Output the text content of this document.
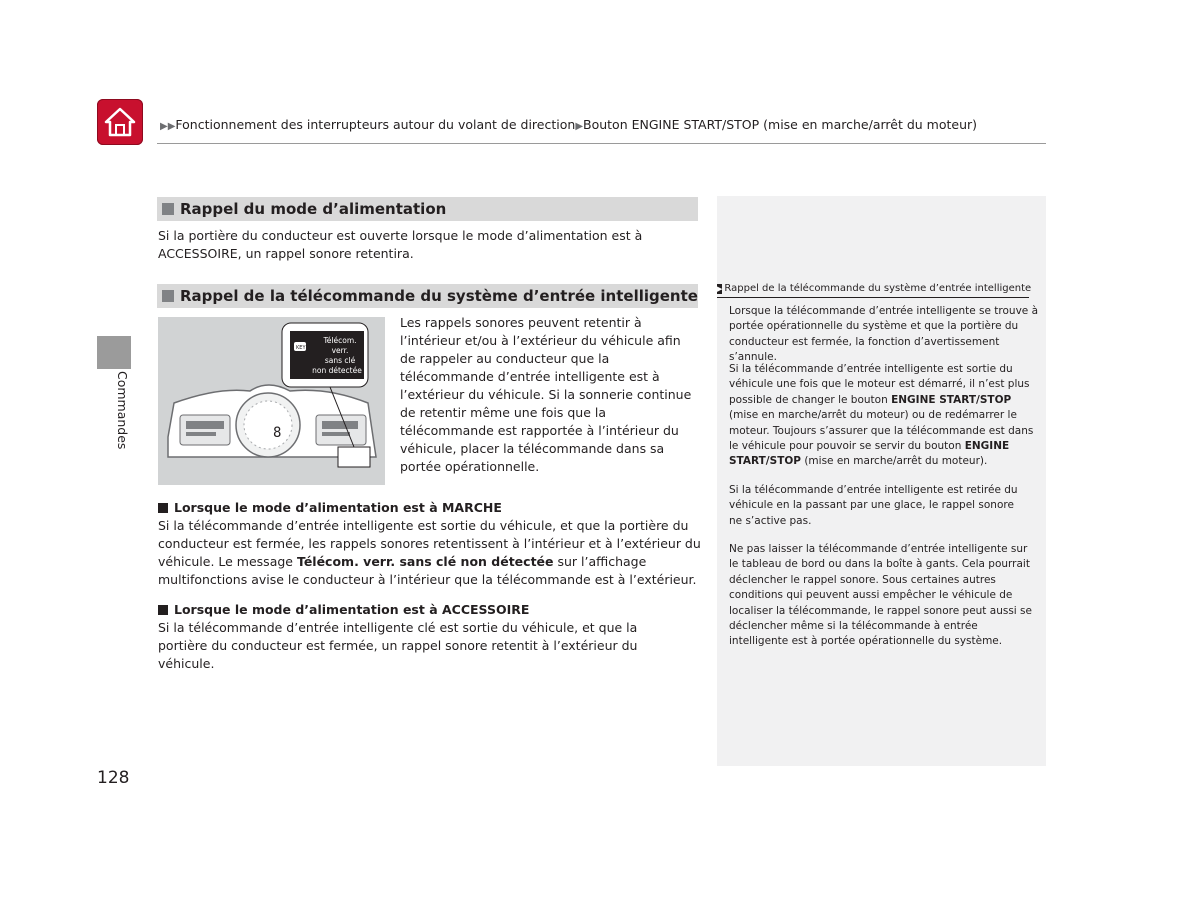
▶▶Fonctionnement des interrupteurs autour du volant de direction▶Bouton ENGINE START/STOP (mise en marche/arrêt du moteur)
Commandes
Rappel du mode d’alimentation
Si la portière du conducteur est ouverte lorsque le mode d’alimentation est à ACCESSOIRE, un rappel sonore retentira.
Rappel de la télécommande du système d’entrée intelligente
8
KEY
Télécom.
verr.
sans clé
non détectée
Les rappels sonores peuvent retentir à l’intérieur et/ou à l’extérieur du véhicule afin de rappeler au conducteur que la télécommande d’entrée intelligente est à l’extérieur du véhicule. Si la sonnerie continue de retentir même une fois que la télécommande est rapportée à l’intérieur du véhicule, placer la télécommande dans sa portée opérationnelle.
Lorsque le mode d’alimentation est à MARCHE
Si la télécommande d’entrée intelligente est sortie du véhicule, et que la portière du conducteur est fermée, les rappels sonores retentissent à l’intérieur et à l’extérieur du véhicule. Le message Télécom. verr. sans clé non détectée sur l’affichage multifonctions avise le conducteur à l’intérieur que la télécommande est à l’extérieur.
Lorsque le mode d’alimentation est à ACCESSOIRE
Si la télécommande d’entrée intelligente clé est sortie du véhicule, et que la portière du conducteur est fermée, un rappel sonore retentit à l’extérieur du véhicule.
▶ Rappel de la télécommande du système d’entrée intelligente
Lorsque la télécommande d’entrée intelligente se trouve à portée opérationnelle du système et que la portière du conducteur est fermée, la fonction d’avertissement s’annule.
Si la télécommande d’entrée intelligente est sortie du véhicule une fois que le moteur est démarré, il n’est plus possible de changer le bouton ENGINE START/STOP (mise en marche/arrêt du moteur) ou de redémarrer le moteur. Toujours s’assurer que la télécommande est dans le véhicule pour pouvoir se servir du bouton ENGINE START/STOP (mise en marche/arrêt du moteur).
Si la télécommande d’entrée intelligente est retirée du véhicule en la passant par une glace, le rappel sonore ne s’active pas.
Ne pas laisser la télécommande d’entrée intelligente sur le tableau de bord ou dans la boîte à gants. Cela pourrait déclencher le rappel sonore. Sous certaines autres conditions qui peuvent aussi empêcher le véhicule de localiser la télécommande, le rappel sonore peut aussi se déclencher même si la télécommande à entrée intelligente est à portée opérationnelle du système.
128
